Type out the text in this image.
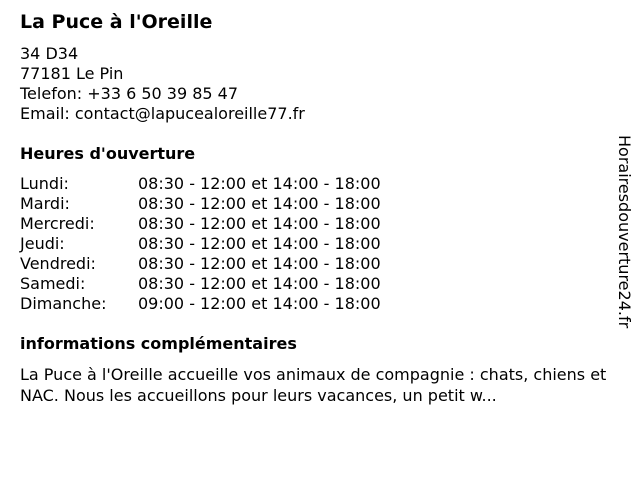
La Puce à l'Oreille
34 D34
77181 Le Pin
Telefon: +33 6 50 39 85 47
Email: contact@lapucealoreille77.fr
Heures d'ouverture
Lundi:	08:30 - 12:00 et 14:00 - 18:00
Mardi:	08:30 - 12:00 et 14:00 - 18:00
Mercredi:	08:30 - 12:00 et 14:00 - 18:00
Jeudi:	08:30 - 12:00 et 14:00 - 18:00
Vendredi:	08:30 - 12:00 et 14:00 - 18:00
Samedi:	08:30 - 12:00 et 14:00 - 18:00
Dimanche: 09:00 - 12:00 et 14:00 - 18:00
informations complémentaires
La Puce à l'Oreille accueille vos animaux de compagnie : chats, chiens et NAC. Nous les accueillons pour leurs vacances, un petit w...
Horairesdouverture24.fr
